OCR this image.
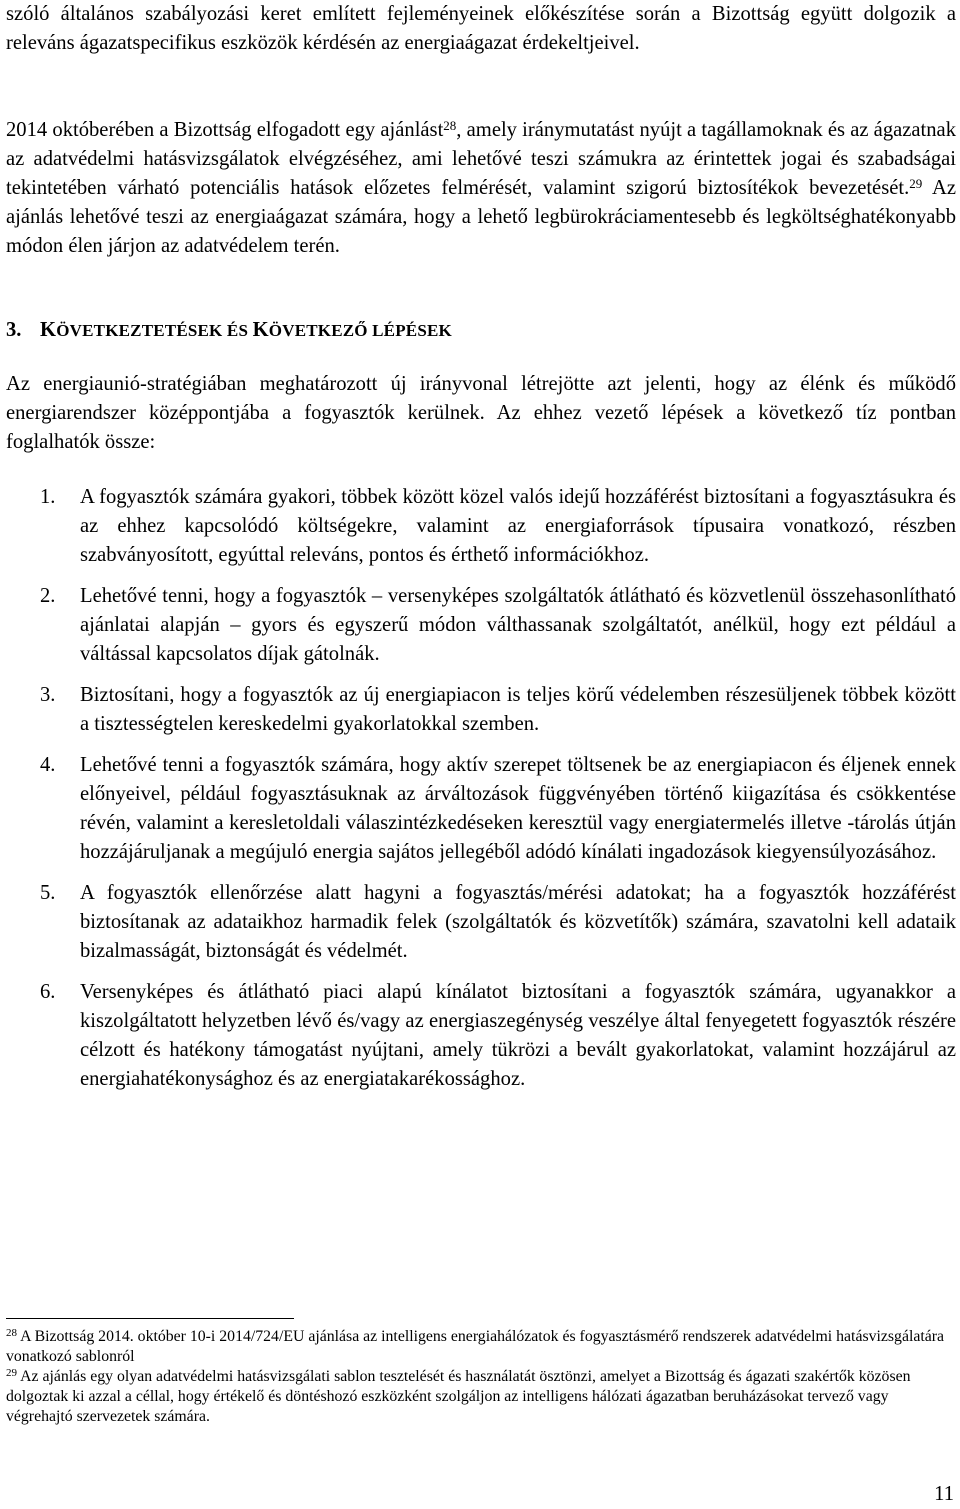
szóló általános szabályozási keret említett fejleményeinek előkészítése során a Bizottság együtt dolgozik a releváns ágazatspecifikus eszközök kérdésén az energiaágazat érdekeltjeivel.

2014 októberében a Bizottság elfogadott egy ajánlást$^{28}$, amely iránymutatást nyújt a tagállamoknak és az ágazatnak az adatvédelmi hatásvizsgálatok elvégzéséhez, ami lehetővé teszi számukra az érintettek jogai és szabadságai tekintetében várható potenciális hatások előzetes felmérését, valamint szigorú biztosítékok bevezetését.$^{29}$ Az ajánlás lehetővé teszi az energiaágazat számára, hogy a lehető legbürokráciamentesebb és legköltséghatékonyabb módon élen járjon az adatvédelem terén.

3. KÖVETKEZTETÉSEK ÉS KÖVETKEZŐ LÉPÉSEK

Az energiaunió-stratégiában meghatározott új irányvonal létrejötte azt jelenti, hogy az élénk és működő energiarendszer középpontjába a fogyasztók kerülnek. Az ehhez vezető lépések a következő tíz pontban foglalhatók össze:

1. A fogyasztók számára gyakori, többek között közel valós idejű hozzáférést biztosítani a fogyasztásukra és az ehhez kapcsolódó költségekre, valamint az energiaforrások típusaira vonatkozó, részben szabványosított, egyúttal releváns, pontos és érthető információkhoz.
2. Lehetővé tenni, hogy a fogyasztók – versenyképes szolgáltatók átlátható és közvetlenül összehasonlítható ajánlatai alapján – gyors és egyszerű módon válthassanak szolgáltatót, anélkül, hogy ezt például a váltással kapcsolatos díjak gátolnák.
3. Biztosítani, hogy a fogyasztók az új energiapiacon is teljes körű védelemben részesüljenek többek között a tisztességtelen kereskedelmi gyakorlatokkal szemben.
4. Lehetővé tenni a fogyasztók számára, hogy aktív szerepet töltsenek be az energiapiacon és éljenek ennek előnyeivel, például fogyasztásuknak az árváltozások függvényében történő kiigazítása és csökkentése révén, valamint a keresletoldali válaszintézkedéseken keresztül vagy energiatermelés illetve -tárolás útján hozzájáruljanak a megújuló energia sajátos jellegéből adódó kínálati ingadozások kiegyensúlyozásához.
5. A fogyasztók ellenőrzése alatt hagyni a fogyasztás/mérési adatokat; ha a fogyasztók hozzáférést biztosítanak az adataikhoz harmadik felek (szolgáltatók és közvetítők) számára, szavatolni kell adataik bizalmasságát, biztonságát és védelmét.
6. Versenyképes és átlátható piaci alapú kínálatot biztosítani a fogyasztók számára, ugyanakkor a kiszolgáltatott helyzetben lévő és/vagy az energiaszegénység veszélye által fenyegetett fogyasztók részére célzott és hatékony támogatást nyújtani, amely tükrözi a bevált gyakorlatokat, valamint hozzájárul az energiahatékonysághoz és az energiatakarékossághoz.

$^{28}$ A Bizottság 2014. október 10-i 2014/724/EU ajánlása az intelligens energiahálózatok és fogyasztásmérő rendszerek adatvédelmi hatásvizsgálatára vonatkozó sablonról

$^{29}$ Az ajánlás egy olyan adatvédelmi hatásvizsgálati sablon tesztelését és használatát ösztönzi, amelyet a Bizottság és ágazati szakértők közösen dolgoztak ki azzal a céllal, hogy értékelő és döntéshozó eszközként szolgáljon az intelligens hálózati ágazatban beruházásokat tervező vagy végrehajtó szervezetek számára.

11
